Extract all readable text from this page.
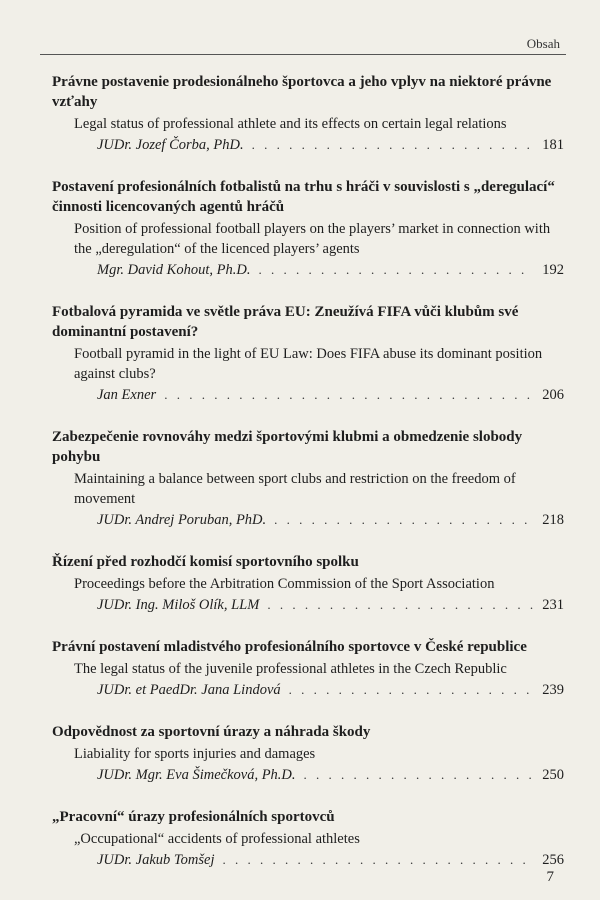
Obsah
Právne postavenie prodesionálneho športovca a jeho vplyv na niektoré právne vzťahy
Legal status of professional athlete and its effects on certain legal relations
JUDr. Jozef Čorba, PhD. . . .	181
Postavení profesionálních fotbalistů na trhu s hráči v souvislosti s „deregulací“ činnosti licencovaných agentů hráčů
Position of professional football players on the players’ market in connection with the „deregulation“ of the licenced players’ agents
Mgr. David Kohout, Ph.D. . . .	192
Fotbalová pyramida ve světle práva EU: Zneužívá FIFA vůči klubům své dominantní postavení?
Football pyramid in the light of EU Law: Does FIFA abuse its dominant position against clubs?
Jan Exner . . .	206
Zabezpečenie rovnováhy medzi športovými klubmi a obmedzenie slobody pohybu
Maintaining a balance between sport clubs and restriction on the freedom of movement
JUDr. Andrej Poruban, PhD. . . .	218
Řízení před rozhodčí komisí sportovního spolku
Proceedings before the Arbitration Commission of the Sport Association
JUDr. Ing. Miloš Olík, LLM . . .	231
Právní postavení mladistvého profesionálního sportovce v České republice
The legal status of the juvenile professional athletes in the Czech Republic
JUDr. et PaedDr. Jana Lindová . . .	239
Odpovědnost za sportovní úrazy a náhrada škody
Liabiality for sports injuries and damages
JUDr. Mgr. Eva Šimečková, Ph.D. . . .	250
„Pracovní“ úrazy profesionálních sportovců
„Occupational“ accidents of professional athletes
JUDr. Jakub Tomšej . . .	256
7
